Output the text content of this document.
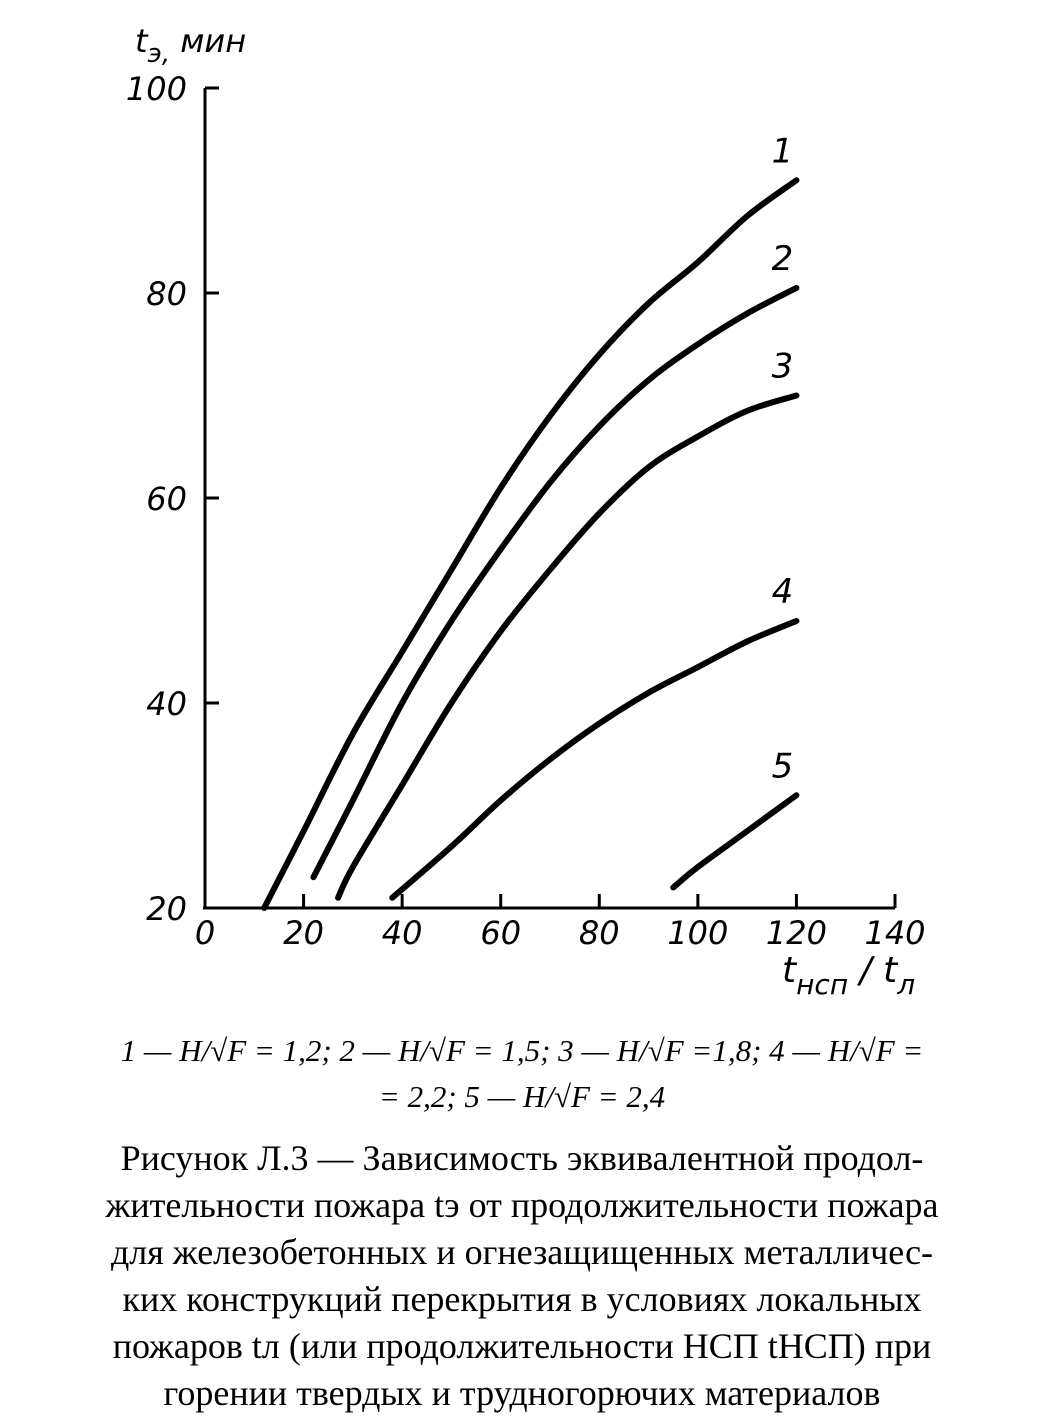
20
40
60
80
100
0 20 40 60 80 100 120 140
1
2
3
4
5
$t_{э,}$ мин
$t_{нсп} / t_л$
1 — H/√F = 1,2; 2 — H/√F = 1,5; 3 — H/√F =1,8; 4 — H/√F =
= 2,2; 5 — H/√F = 2,4
Рисунок Л.3 — Зависимость эквивалентной продол-
жительности пожара tэ от продолжительности пожара
для железобетонных и огнезащищенных металличес-
ких конструкций перекрытия в условиях локальных
пожаров tл (или продолжительности НСП tНСП) при
горении твердых и трудногорючих материалов
